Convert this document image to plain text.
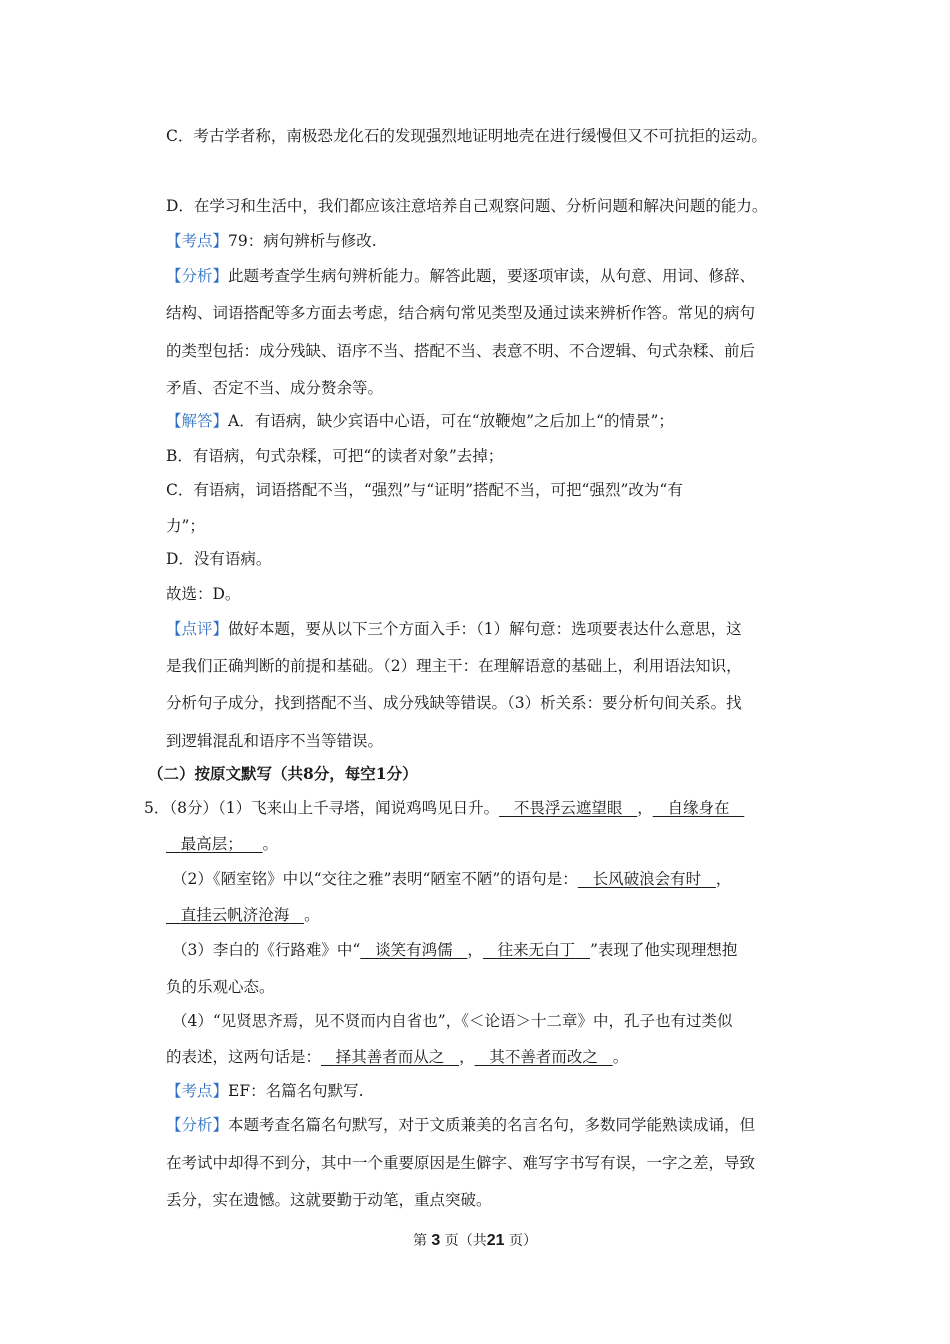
C．考古学者称，南极恐龙化石的发现强烈地证明地壳在进行缓慢但又不可抗拒的运动。
D．在学习和生活中，我们都应该注意培养自己观察问题、分析问题和解决问题的能力。
【考点】79：病句辨析与修改.
【分析】此题考查学生病句辨析能力。解答此题，要逐项审读，从句意、用词、修辞、
结构、词语搭配等多方面去考虑，结合病句常见类型及通过读来辨析作答。常见的病句
的类型包括：成分残缺、语序不当、搭配不当、表意不明、不合逻辑、句式杂糅、前后
矛盾、否定不当、成分赘余等。
【解答】A．有语病，缺少宾语中心语，可在“放鞭炮”之后加上“的情景”；
B．有语病，句式杂糅，可把“的读者对象”去掉；
C．有语病，词语搭配不当，“强烈”与“证明”搭配不当，可把“强烈”改为“有
力”；
D．没有语病。
故选：D。
【点评】做好本题，要从以下三个方面入手：（1）解句意：选项要表达什么意思，这
是我们正确判断的前提和基础。（2）理主干：在理解语意的基础上，利用语法知识，
分析句子成分，找到搭配不当、成分残缺等错误。（3）析关系：要分析句间关系。找
到逻辑混乱和语序不当等错误。
（二）按原文默写（共8分，每空1分）
5．（8分）（1）飞来山上千寻塔，闻说鸡鸣见日升。 不畏浮云遮望眼 ， 自缘身在
最高层； 。
（2）《陋室铭》中以“交往之雅”表明“陋室不陋”的语句是： 长风破浪会有时 ，
直挂云帆济沧海 。
（3）李白的《行路难》中“ 谈笑有鸿儒 ， 往来无白丁 ”表现了他实现理想抱
负的乐观心态。
（4）“见贤思齐焉，见不贤而内自省也”，《＜论语＞十二章》中，孔子也有过类似
的表述，这两句话是： 择其善者而从之 ， 其不善者而改之 。
【考点】EF：名篇名句默写.
【分析】本题考查名篇名句默写，对于文质兼美的名言名句，多数同学能熟读成诵，但
在考试中却得不到分，其中一个重要原因是生僻字、难写字书写有误，一字之差，导致
丢分，实在遗憾。这就要勤于动笔，重点突破。
第 3 页（共21 页）
